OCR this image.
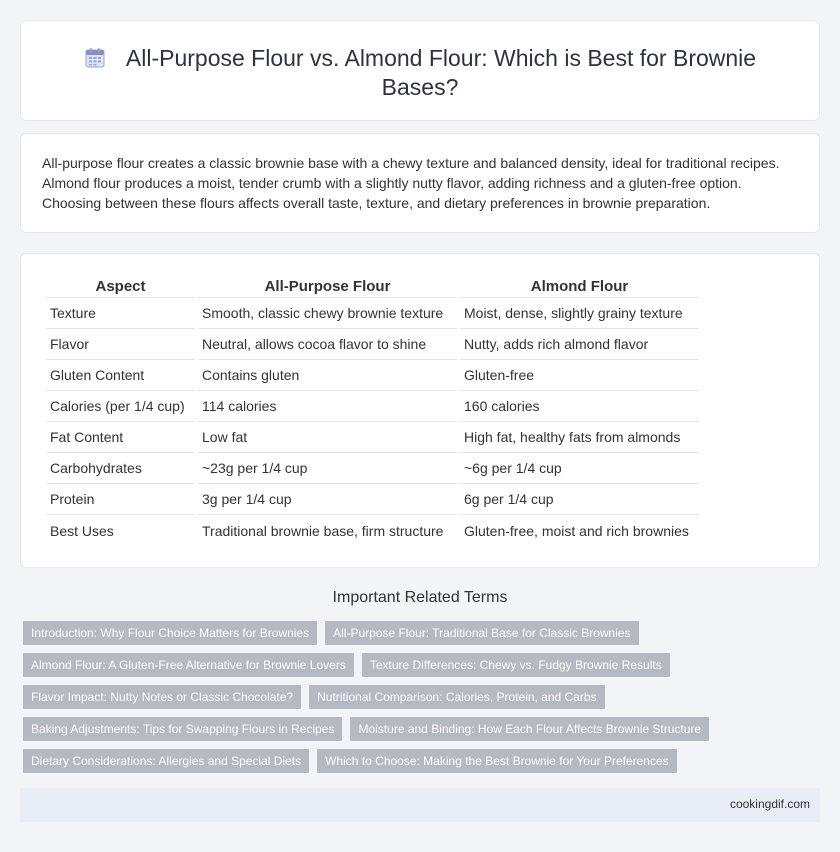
All-Purpose Flour vs. Almond Flour: Which is Best for Brownie Bases?

All-purpose flour creates a classic brownie base with a chewy texture and balanced density, ideal for traditional recipes. Almond flour produces a moist, tender crumb with a slightly nutty flavor, adding richness and a gluten-free option. Choosing between these flours affects overall taste, texture, and dietary preferences in brownie preparation.

Aspect	All-Purpose Flour	Almond Flour
Texture	Smooth, classic chewy brownie texture	Moist, dense, slightly grainy texture
Flavor	Neutral, allows cocoa flavor to shine	Nutty, adds rich almond flavor
Gluten Content	Contains gluten	Gluten-free
Calories (per 1/4 cup)	114 calories	160 calories
Fat Content	Low fat	High fat, healthy fats from almonds
Carbohydrates	~23g per 1/4 cup	~6g per 1/4 cup
Protein	3g per 1/4 cup	6g per 1/4 cup
Best Uses	Traditional brownie base, firm structure	Gluten-free, moist and rich brownies
Important Related Terms
Introduction: Why Flour Choice Matters for Brownies	All-Purpose Flour: Traditional Base for Classic Brownies
Almond Flour: A Gluten-Free Alternative for Brownie Lovers	Texture Differences: Chewy vs. Fudgy Brownie Results
Flavor Impact: Nutty Notes or Classic Chocolate?	Nutritional Comparison: Calories, Protein, and Carbs
Baking Adjustments: Tips for Swapping Flours in Recipes	Moisture and Binding: How Each Flour Affects Brownie Structure
Dietary Considerations: Allergies and Special Diets	Which to Choose: Making the Best Brownie for Your Preferences
cookingdif.com
